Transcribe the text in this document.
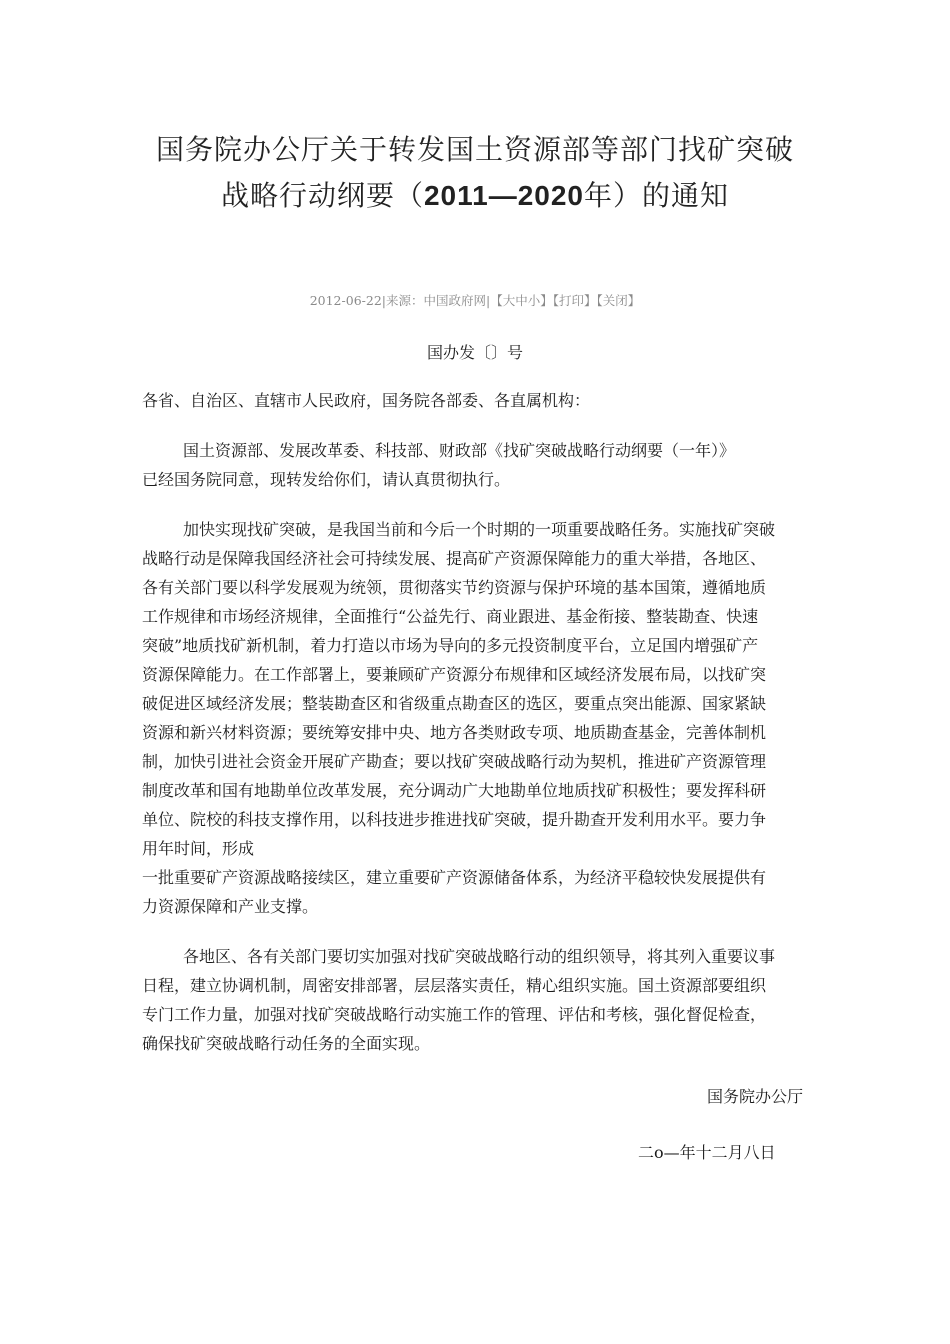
国务院办公厅关于转发国土资源部等部门找矿突破
战略行动纲要（2011—2020年）的通知
2012-06-22|来源：中国政府网|【大中小】【打印】【关闭】
国办发〔〕号
各省、自治区、直辖市人民政府，国务院各部委、各直属机构：
国土资源部、发展改革委、科技部、财政部《找矿突破战略行动纲要（一年）》
已经国务院同意，现转发给你们，请认真贯彻执行。
加快实现找矿突破，是我国当前和今后一个时期的一项重要战略任务。实施找矿突破
战略行动是保障我国经济社会可持续发展、提高矿产资源保障能力的重大举措，各地区、
各有关部门要以科学发展观为统领，贯彻落实节约资源与保护环境的基本国策，遵循地质
工作规律和市场经济规律，全面推行“公益先行、商业跟进、基金衔接、整装勘查、快速
突破”地质找矿新机制，着力打造以市场为导向的多元投资制度平台，立足国内增强矿产
资源保障能力。在工作部署上，要兼顾矿产资源分布规律和区域经济发展布局，以找矿突
破促进区域经济发展；整装勘查区和省级重点勘查区的选区，要重点突出能源、国家紧缺
资源和新兴材料资源；要统筹安排中央、地方各类财政专项、地质勘查基金，完善体制机
制，加快引进社会资金开展矿产勘查；要以找矿突破战略行动为契机，推进矿产资源管理
制度改革和国有地勘单位改革发展，充分调动广大地勘单位地质找矿积极性；要发挥科研
单位、院校的科技支撑作用，以科技进步推进找矿突破，提升勘查开发利用水平。要力争
用年时间，形成
一批重要矿产资源战略接续区，建立重要矿产资源储备体系，为经济平稳较快发展提供有
力资源保障和产业支撑。
各地区、各有关部门要切实加强对找矿突破战略行动的组织领导，将其列入重要议事
日程，建立协调机制，周密安排部署，层层落实责任，精心组织实施。国土资源部要组织
专门工作力量，加强对找矿突破战略行动实施工作的管理、评估和考核，强化督促检查，
确保找矿突破战略行动任务的全面实现。
国务院办公厅
二o—年十二月八日
